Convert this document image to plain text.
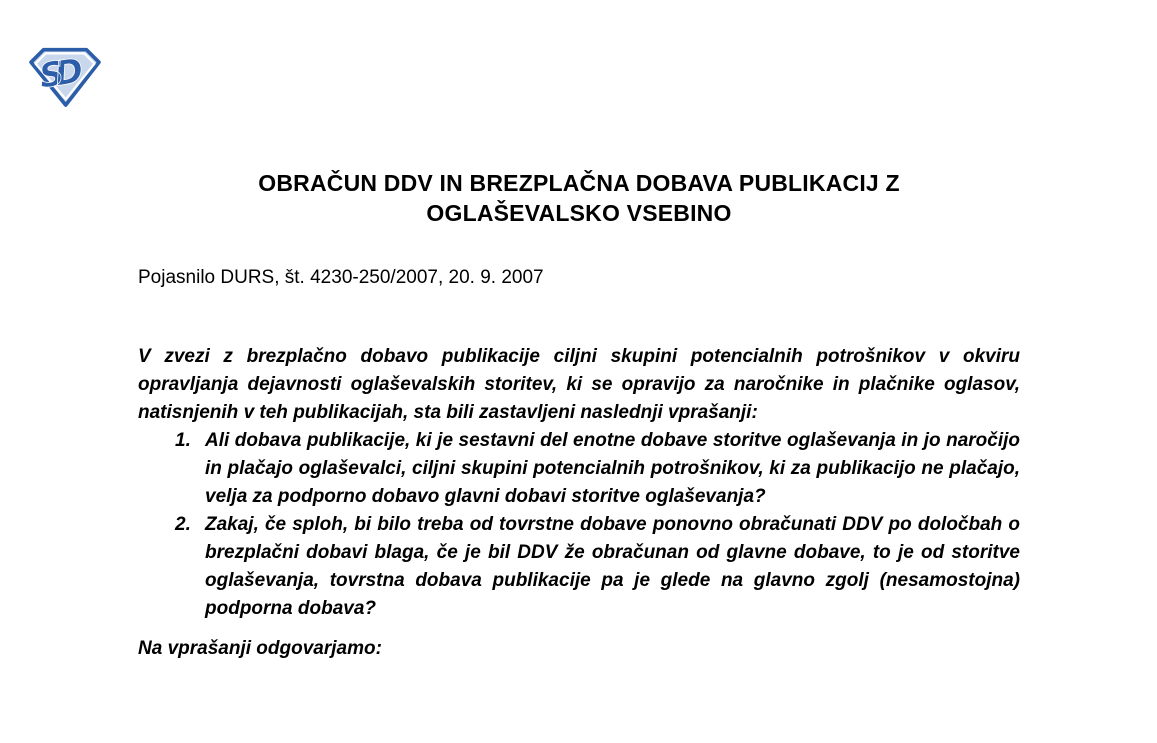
SD
OBRAČUN DDV IN BREZPLAČNA DOBAVA PUBLIKACIJ Z OGLAŠEVALSKO VSEBINO

Pojasnilo DURS, št. 4230-250/2007, 20. 9. 2007

V zvezi z brezplačno dobavo publikacije ciljni skupini potencialnih potrošnikov v okviru opravljanja dejavnosti oglaševalskih storitev, ki se opravijo za naročnike in plačnike oglasov, natisnjenih v teh publikacijah, sta bili zastavljeni naslednji vprašanji:

1. Ali dobava publikacije, ki je sestavni del enotne dobave storitve oglaševanja in jo naročijo in plačajo oglaševalci, ciljni skupini potencialnih potrošnikov, ki za publikacijo ne plačajo, velja za podporno dobavo glavni dobavi storitve oglaševanja?
2. Zakaj, če sploh, bi bilo treba od tovrstne dobave ponovno obračunati DDV po določbah o brezplačni dobavi blaga, če je bil DDV že obračunan od glavne dobave, to je od storitve oglaševanja, tovrstna dobava publikacije pa je glede na glavno zgolj (nesamostojna) podporna dobava?

Na vprašanji odgovarjamo:
